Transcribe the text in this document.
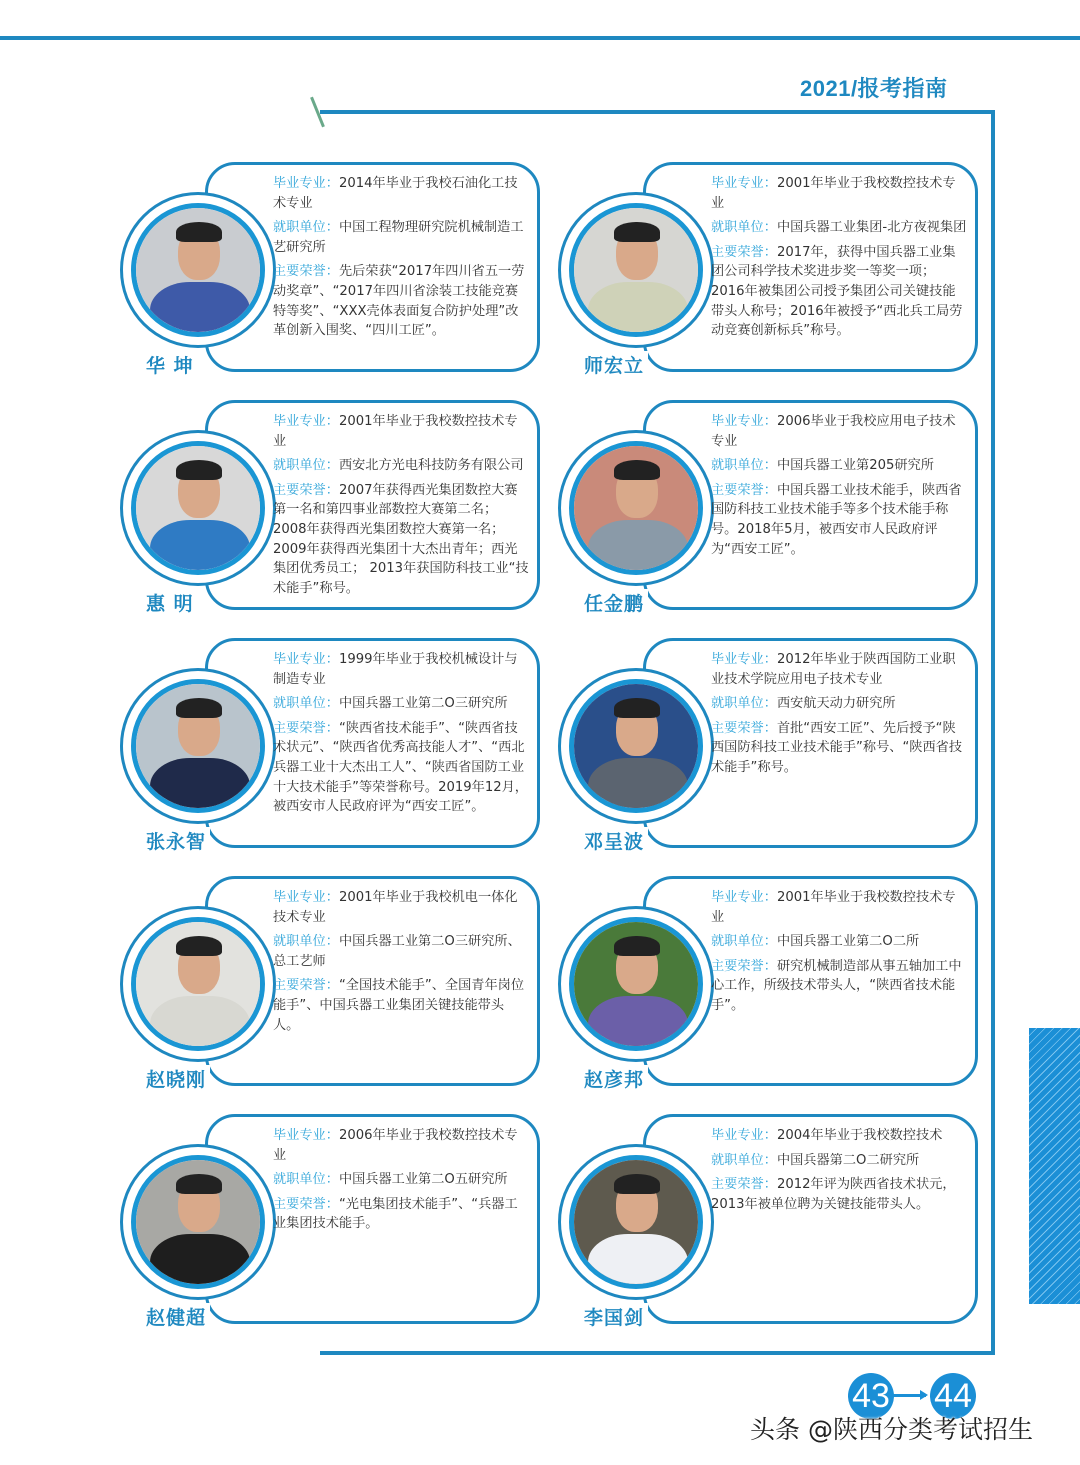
2021/报考指南
华 坤
毕业专业：2014年毕业于我校石油化工技术专业
就职单位：中国工程物理研究院机械制造工艺研究所
主要荣誉：先后荣获“2017年四川省五一劳动奖章”、“2017年四川省涂装工技能竞赛特等奖”、“XXX壳体表面复合防护处理”改革创新入围奖、“四川工匠”。
师宏立
毕业专业：2001年毕业于我校数控技术专业
就职单位：中国兵器工业集团-北方夜视集团
主要荣誉：2017年，获得中国兵器工业集团公司科学技术奖进步奖一等奖一项；2016年被集团公司授予集团公司关键技能带头人称号；2016年被授予“西北兵工局劳动竞赛创新标兵”称号。
惠 明
毕业专业：2001年毕业于我校数控技术专业
就职单位：西安北方光电科技防务有限公司
主要荣誉：2007年获得西光集团数控大赛第一名和第四事业部数控大赛第二名；2008年获得西光集团数控大赛第一名；2009年获得西光集团十大杰出青年；西光集团优秀员工； 2013年获国防科技工业“技术能手”称号。
任金鹏
毕业专业：2006毕业于我校应用电子技术专业
就职单位：中国兵器工业第205研究所
主要荣誉：中国兵器工业技术能手，陕西省国防科技工业技术能手等多个技术能手称号。2018年5月，被西安市人民政府评为“西安工匠”。
张永智
毕业专业：1999年毕业于我校机械设计与制造专业
就职单位：中国兵器工业第二O三研究所
主要荣誉：“陕西省技术能手”、“陕西省技术状元”、“陕西省优秀高技能人才”、“西北兵器工业十大杰出工人”、“陕西省国防工业十大技术能手”等荣誉称号。2019年12月，被西安市人民政府评为“西安工匠”。
邓呈波
毕业专业：2012年毕业于陕西国防工业职业技术学院应用电子技术专业
就职单位：西安航天动力研究所
主要荣誉：首批“西安工匠”、先后授予“陕西国防科技工业技术能手”称号、“陕西省技术能手”称号。
赵晓刚
毕业专业：2001年毕业于我校机电一体化技术专业
就职单位：中国兵器工业第二O三研究所、总工艺师
主要荣誉：“全国技术能手”、全国青年岗位能手”、中国兵器工业集团关键技能带头人。
赵彦邦
毕业专业：2001年毕业于我校数控技术专业
就职单位：中国兵器工业第二O二所
主要荣誉：研究机械制造部从事五轴加工中心工作，所级技术带头人，“陕西省技术能手”。
赵健超
毕业专业：2006年毕业于我校数控技术专业
就职单位：中国兵器工业第二O五研究所
主要荣誉：“光电集团技术能手”、“兵器工业集团技术能手。
李国剑
毕业专业：2004年毕业于我校数控技术
就职单位：中国兵器第二O二研究所
主要荣誉：2012年评为陕西省技术状元，2013年被单位聘为关键技能带头人。
43 44
头条 @陕西分类考试招生
